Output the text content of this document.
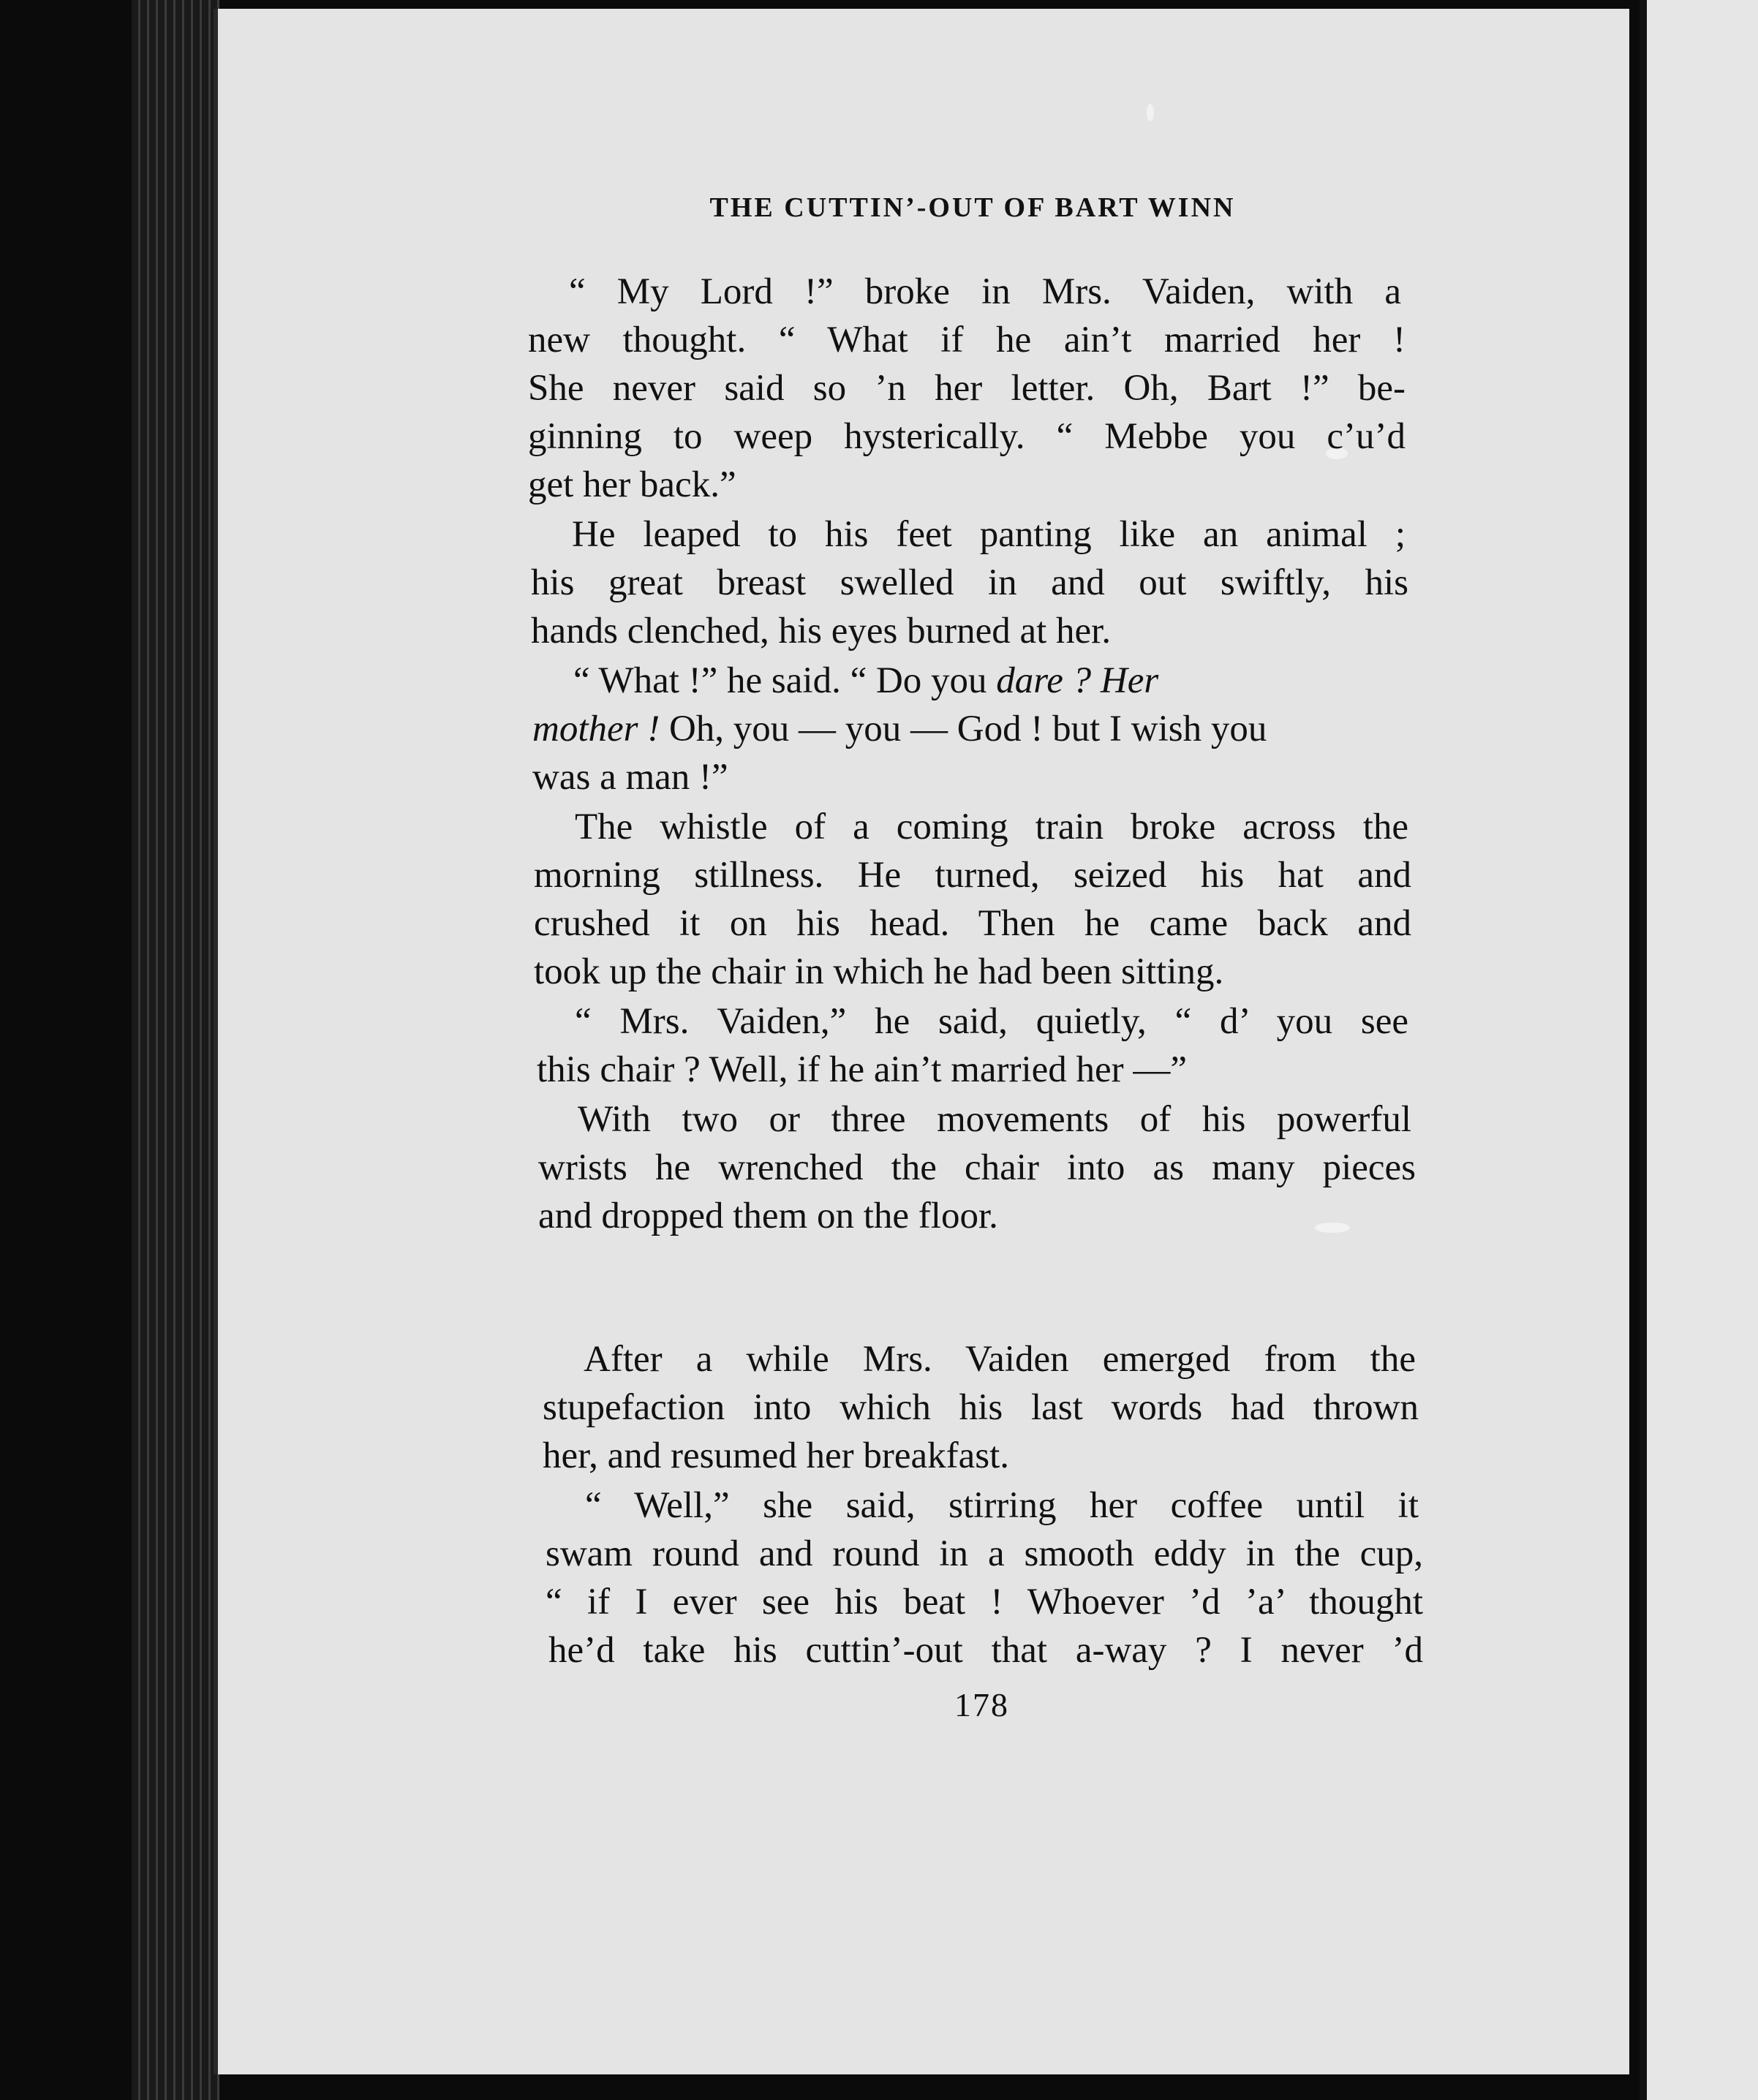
THE CUTTIN’-OUT OF BART WINN
“ My Lord !” broke in Mrs. Vaiden, with a
new thought. “ What if he ain’t married her !
She never said so ’n her letter. Oh, Bart !” be-
ginning to weep hysterically. “ Mebbe you c’u’d
get her back.”
He leaped to his feet panting like an animal ;
his great breast swelled in and out swiftly, his
hands clenched, his eyes burned at her.
“ What !” he said. “ Do you dare ? Her
mother ! Oh, you — you — God ! but I wish you
was a man !”
The whistle of a coming train broke across the
morning stillness. He turned, seized his hat and
crushed it on his head. Then he came back and
took up the chair in which he had been sitting.
“ Mrs. Vaiden,” he said, quietly, “ d’ you see
this chair ? Well, if he ain’t married her —”
With two or three movements of his powerful
wrists he wrenched the chair into as many pieces
and dropped them on the floor.
After a while Mrs. Vaiden emerged from the
stupefaction into which his last words had thrown
her, and resumed her breakfast.
“ Well,” she said, stirring her coffee until it
swam round and round in a smooth eddy in the cup,
“ if I ever see his beat ! Whoever ’d ’a’ thought
he’d take his cuttin’-out that a-way ? I never ’d
178
